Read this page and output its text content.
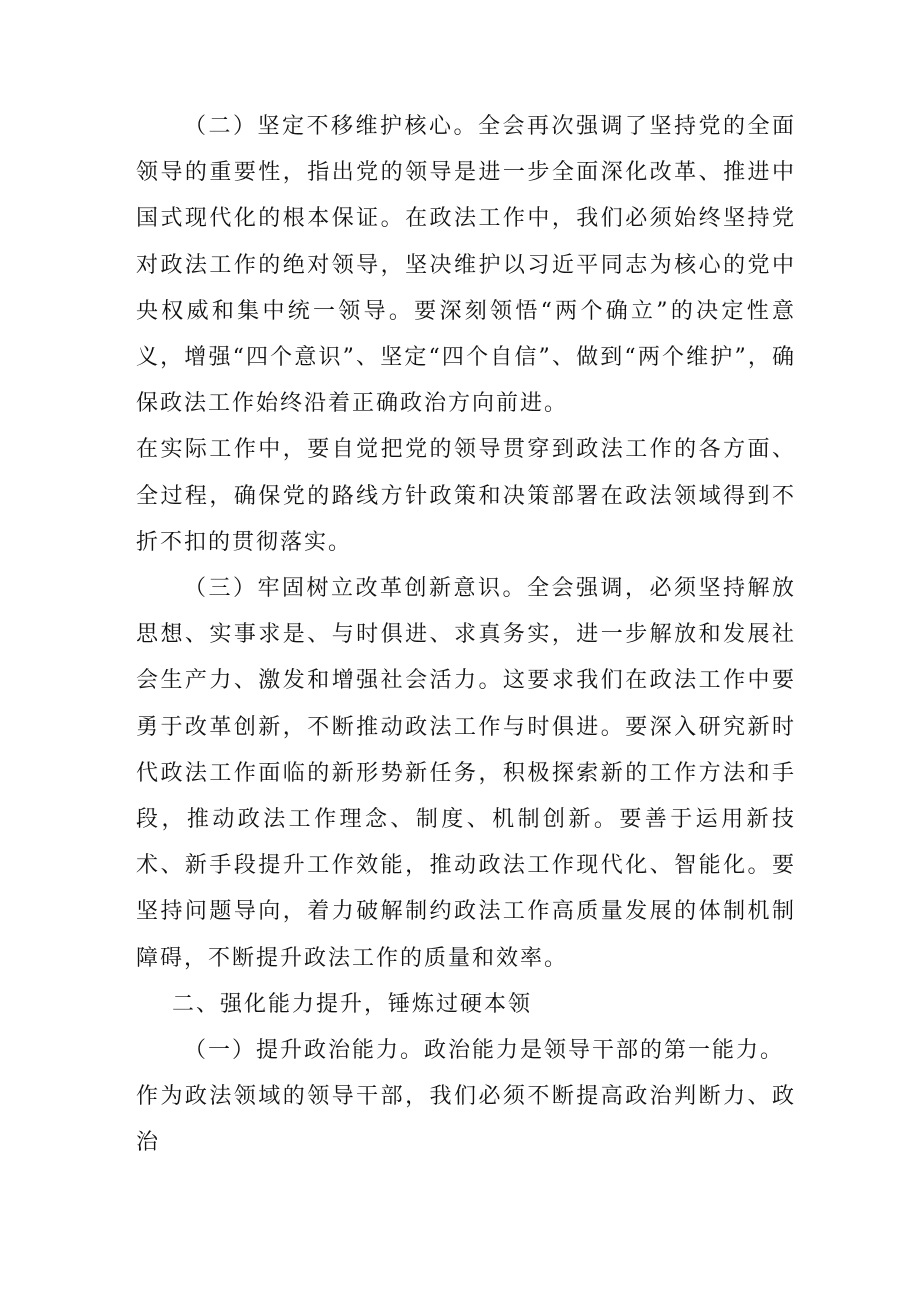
（二）坚定不移维护核心。全会再次强调了坚持党的全面领导的重要性，指出党的领导是进一步全面深化改革、推进中国式现代化的根本保证。在政法工作中，我们必须始终坚持党对政法工作的绝对领导，坚决维护以习近平同志为核心的党中央权威和集中统一领导。要深刻领悟“两个确立”的决定性意义，增强“四个意识”、坚定“四个自信”、做到“两个维护”，确保政法工作始终沿着正确政治方向前进。

在实际工作中，要自觉把党的领导贯穿到政法工作的各方面、全过程，确保党的路线方针政策和决策部署在政法领域得到不折不扣的贯彻落实。

（三）牢固树立改革创新意识。全会强调，必须坚持解放思想、实事求是、与时俱进、求真务实，进一步解放和发展社会生产力、激发和增强社会活力。这要求我们在政法工作中要勇于改革创新，不断推动政法工作与时俱进。要深入研究新时代政法工作面临的新形势新任务，积极探索新的工作方法和手段，推动政法工作理念、制度、机制创新。要善于运用新技术、新手段提升工作效能，推动政法工作现代化、智能化。要坚持问题导向，着力破解制约政法工作高质量发展的体制机制障碍，不断提升政法工作的质量和效率。

二、强化能力提升，锤炼过硬本领

（一）提升政治能力。政治能力是领导干部的第一能力。

作为政法领域的领导干部，我们必须不断提高政治判断力、政治
